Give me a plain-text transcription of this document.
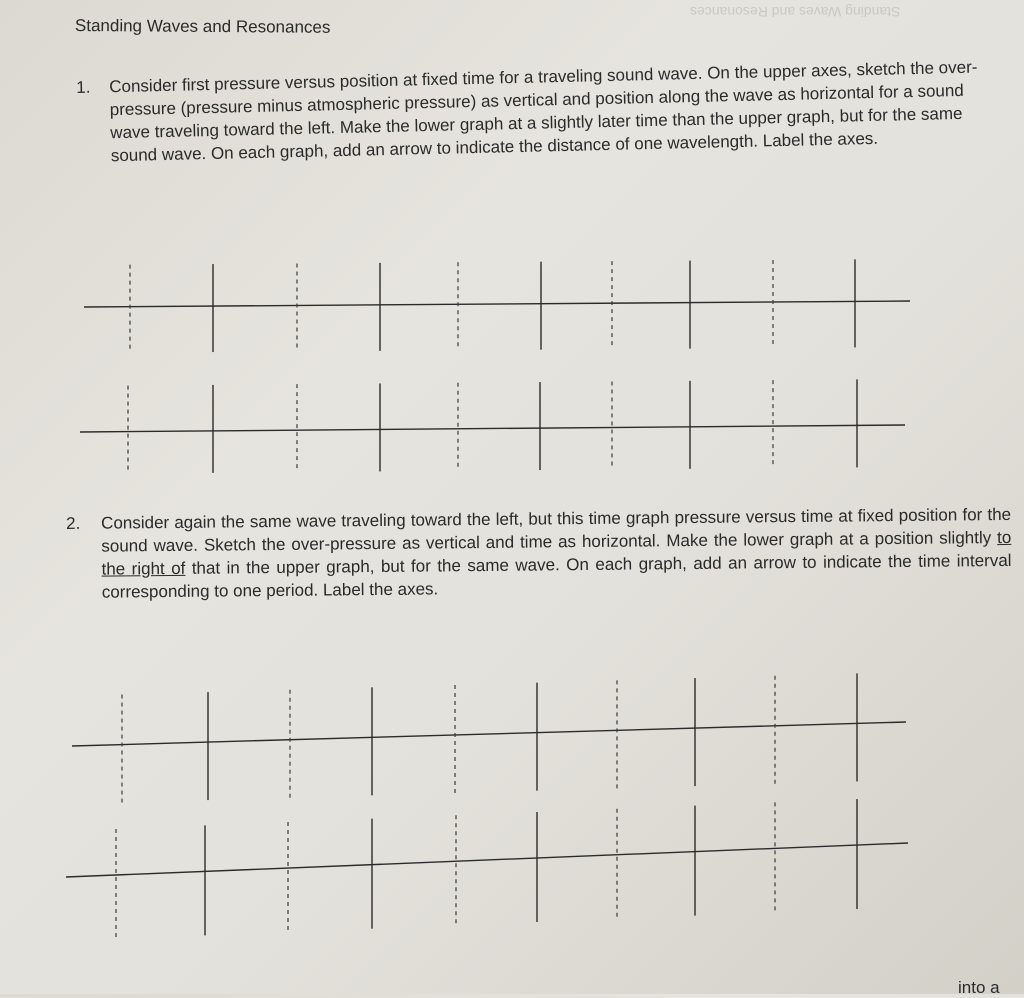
Standing Waves and Resonances
Standing Waves and Resonances
1. Consider first pressure versus position at fixed time for a traveling sound wave. On the upper axes, sketch the over-pressure (pressure minus atmospheric pressure) as vertical and position along the wave as horizontal for a sound wave traveling toward the left. Make the lower graph at a slightly later time than the upper graph, but for the same sound wave. On each graph, add an arrow to indicate the distance of one wavelength. Label the axes.
2. Consider again the same wave traveling toward the left, but this time graph pressure versus time at fixed position for the sound wave. Sketch the over-pressure as vertical and time as horizontal. Make the lower graph at a position slightly to the right of that in the upper graph, but for the same wave. On each graph, add an arrow to indicate the time interval corresponding to one period. Label the axes.
into a
